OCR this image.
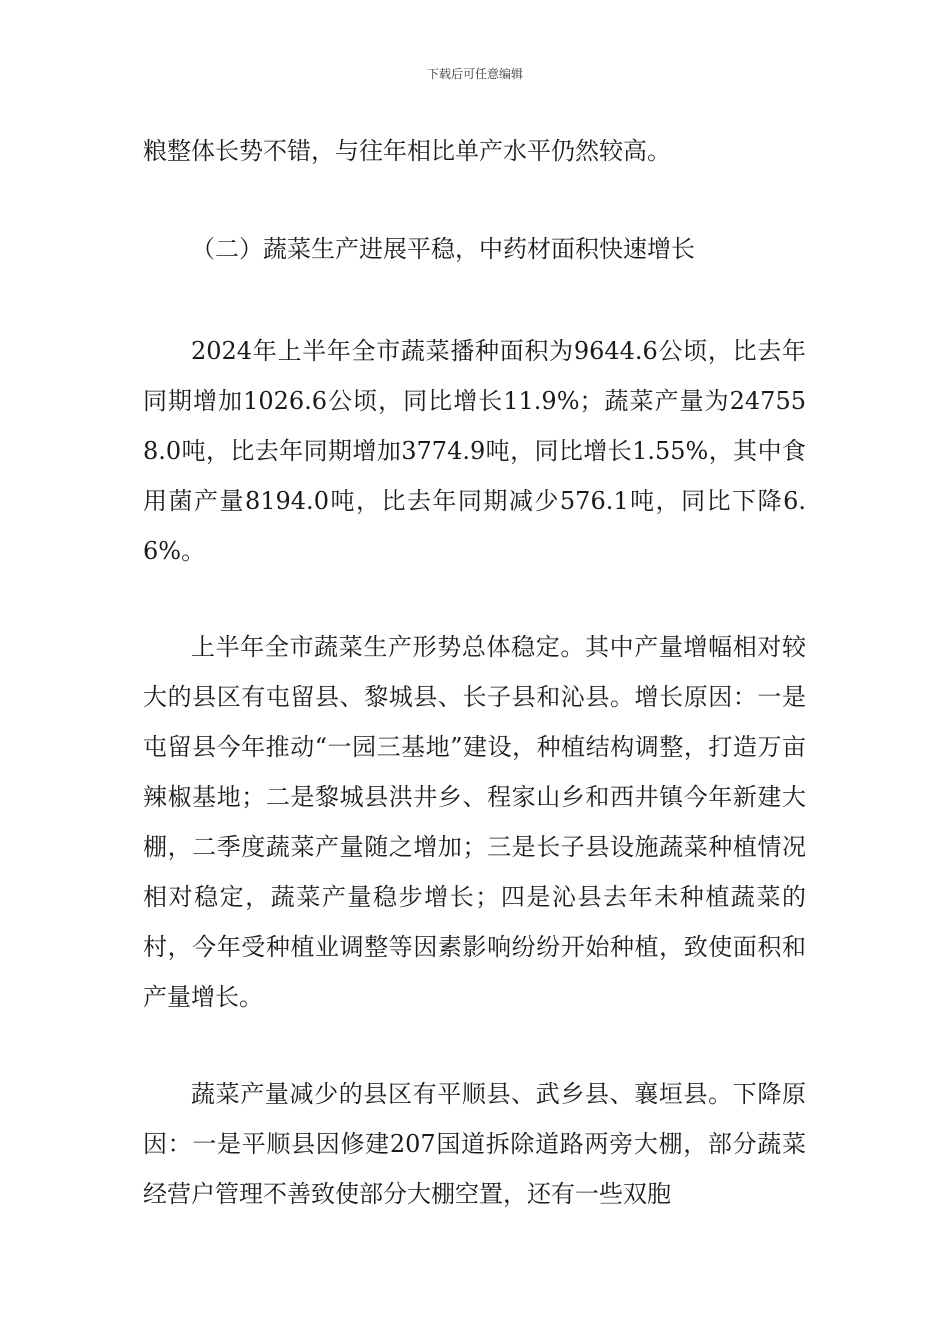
下载后可任意编辑

粮整体长势不错，与往年相比单产水平仍然较高。

（二）蔬菜生产进展平稳，中药材面积快速增长

2024年上半年全市蔬菜播种面积为9644.6公顷，比去年同期增加1026.6公顷，同比增长11.9%；蔬菜产量为247558.0吨，比去年同期增加3774.9吨，同比增长1.55%，其中食用菌产量8194.0吨，比去年同期减少576.1吨，同比下降6.6%。

上半年全市蔬菜生产形势总体稳定。其中产量增幅相对较大的县区有屯留县、黎城县、长子县和沁县。增长原因：一是屯留县今年推动“一园三基地”建设，种植结构调整，打造万亩辣椒基地；二是黎城县洪井乡、程家山乡和西井镇今年新建大棚，二季度蔬菜产量随之增加；三是长子县设施蔬菜种植情况相对稳定，蔬菜产量稳步增长；四是沁县去年未种植蔬菜的村，今年受种植业调整等因素影响纷纷开始种植，致使面积和产量增长。

蔬菜产量减少的县区有平顺县、武乡县、襄垣县。下降原因：一是平顺县因修建207国道拆除道路两旁大棚，部分蔬菜经营户管理不善致使部分大棚空置，还有一些双胞
